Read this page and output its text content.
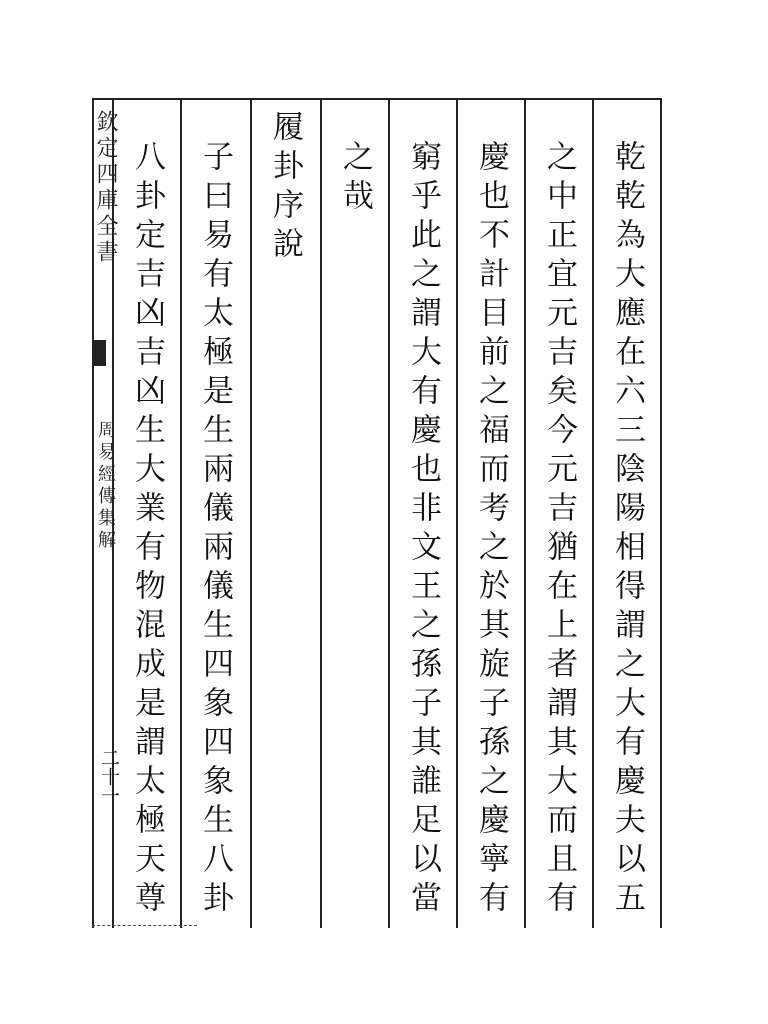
乾乾為大應在六三陰陽相得謂之大有慶夫以五
之中正宜元吉矣今元吉猶在上者謂其大而且有
慶也不計目前之福而考之於其旋子孫之慶寧有
窮乎此之謂大有慶也非文王之孫子其誰足以當
之哉
履卦序說
子曰易有太極是生兩儀兩儀生四象四象生八卦
八卦定吉凶吉凶生大業有物混成是謂太極天尊
欽定四庫全書
周易經傳集解
二十一
